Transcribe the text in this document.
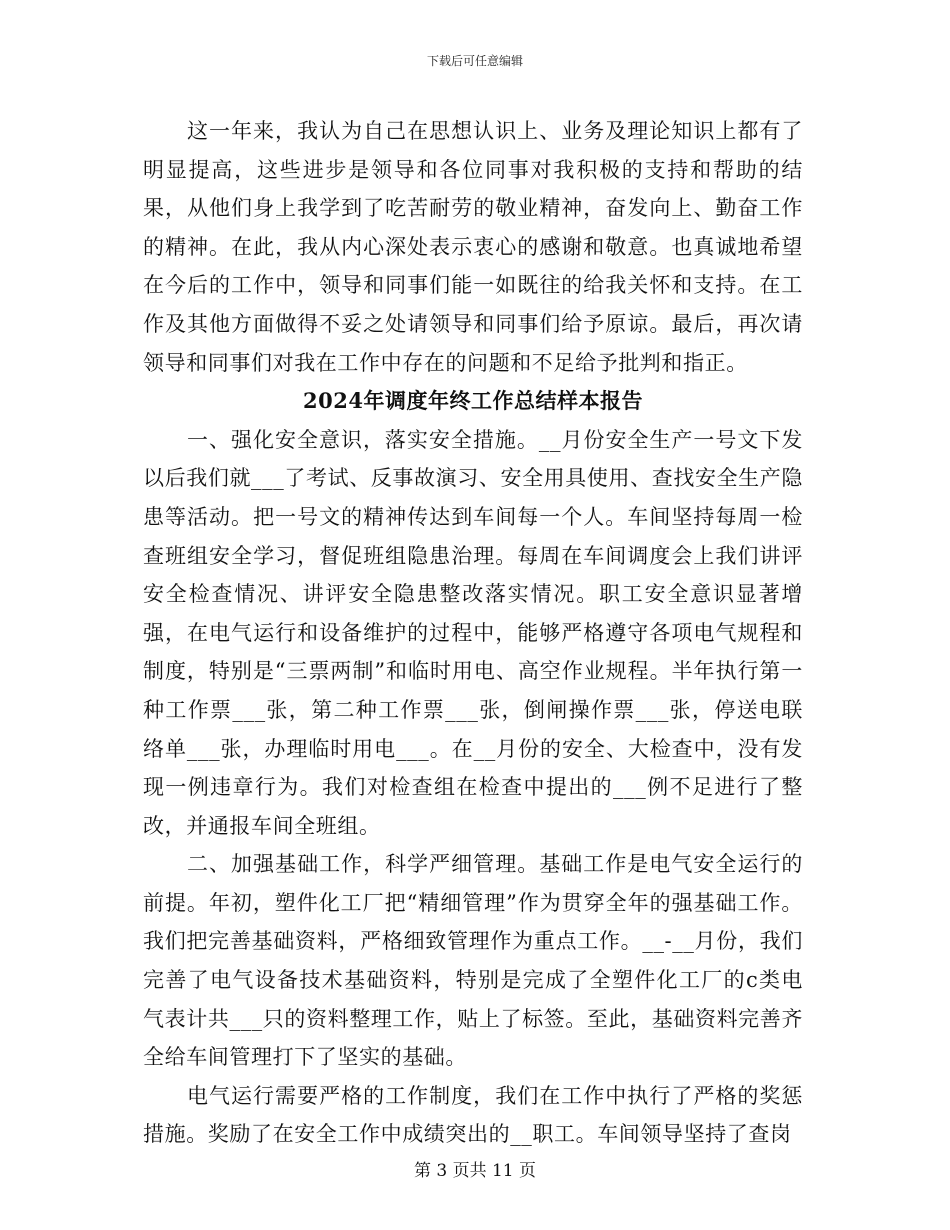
下载后可任意编辑

这一年来，我认为自己在思想认识上、业务及理论知识上都有了明显提高，这些进步是领导和各位同事对我积极的支持和帮助的结果，从他们身上我学到了吃苦耐劳的敬业精神，奋发向上、勤奋工作的精神。在此，我从内心深处表示衷心的感谢和敬意。也真诚地希望在今后的工作中，领导和同事们能一如既往的给我关怀和支持。在工作及其他方面做得不妥之处请领导和同事们给予原谅。最后，再次请领导和同事们对我在工作中存在的问题和不足给予批判和指正。

2024年调度年终工作总结样本报告

一、强化安全意识，落实安全措施。__月份安全生产一号文下发以后我们就___了考试、反事故演习、安全用具使用、查找安全生产隐患等活动。把一号文的精神传达到车间每一个人。车间坚持每周一检查班组安全学习，督促班组隐患治理。每周在车间调度会上我们讲评安全检查情况、讲评安全隐患整改落实情况。职工安全意识显著增强，在电气运行和设备维护的过程中，能够严格遵守各项电气规程和制度，特别是“三票两制”和临时用电、高空作业规程。半年执行第一种工作票___张，第二种工作票___张，倒闸操作票___张，停送电联络单___张，办理临时用电___。在__月份的安全、大检查中，没有发现一例违章行为。我们对检查组在检查中提出的___例不足进行了整改，并通报车间全班组。

二、加强基础工作，科学严细管理。基础工作是电气安全运行的前提。年初，塑件化工厂把“精细管理”作为贯穿全年的强基础工作。我们把完善基础资料，严格细致管理作为重点工作。__-__月份，我们完善了电气设备技术基础资料，特别是完成了全塑件化工厂的c类电气表计共___只的资料整理工作，贴上了标签。至此，基础资料完善齐全给车间管理打下了坚实的基础。

电气运行需要严格的工作制度，我们在工作中执行了严格的奖惩措施。奖励了在安全工作中成绩突出的__职工。车间领导坚持了查岗

第 3 页共 11 页
